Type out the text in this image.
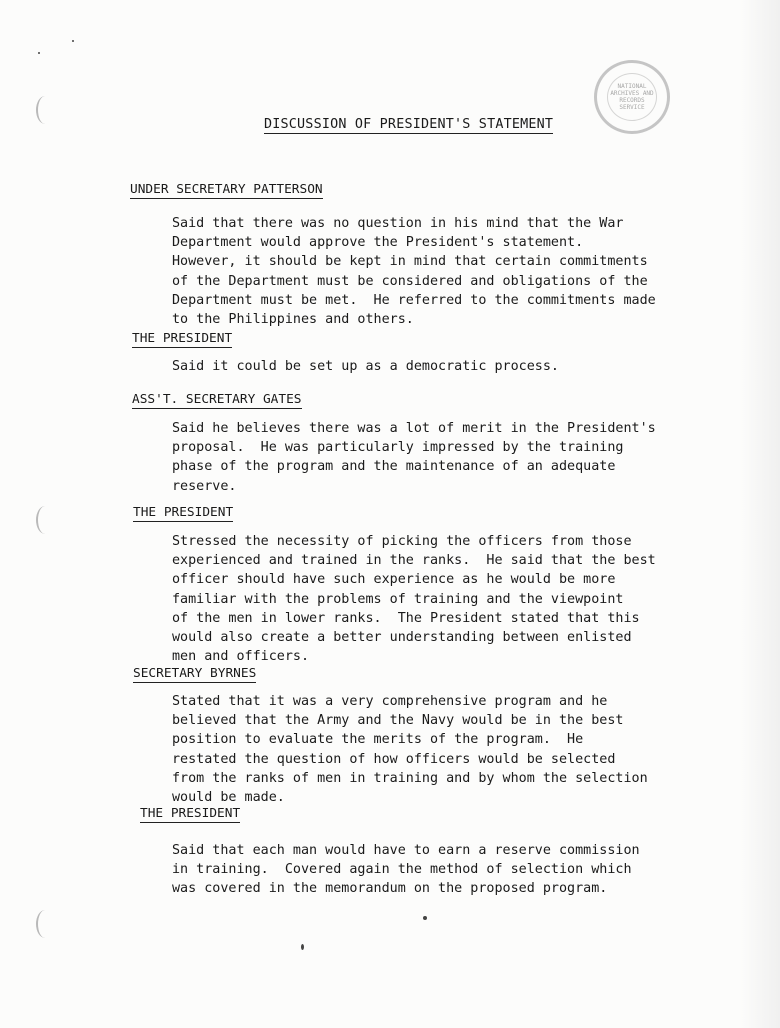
NATIONAL
ARCHIVES AND
RECORDS
SERVICE
DISCUSSION OF PRESIDENT'S STATEMENT
UNDER SECRETARY PATTERSON

Said that there was no question in his mind that the War
Department would approve the President's statement.
However, it should be kept in mind that certain commitments
of the Department must be considered and obligations of the
Department must be met.  He referred to the commitments made
to the Philippines and others.

THE PRESIDENT

Said it could be set up as a democratic process.

ASS'T. SECRETARY GATES

Said he believes there was a lot of merit in the President's
proposal.  He was particularly impressed by the training
phase of the program and the maintenance of an adequate
reserve.

THE PRESIDENT

Stressed the necessity of picking the officers from those
experienced and trained in the ranks.  He said that the best
officer should have such experience as he would be more
familiar with the problems of training and the viewpoint
of the men in lower ranks.  The President stated that this
would also create a better understanding between enlisted
men and officers.

SECRETARY BYRNES

Stated that it was a very comprehensive program and he
believed that the Army and the Navy would be in the best
position to evaluate the merits of the program.  He
restated the question of how officers would be selected
from the ranks of men in training and by whom the selection
would be made.

THE PRESIDENT

Said that each man would have to earn a reserve commission
in training.  Covered again the method of selection which
was covered in the memorandum on the proposed program.
